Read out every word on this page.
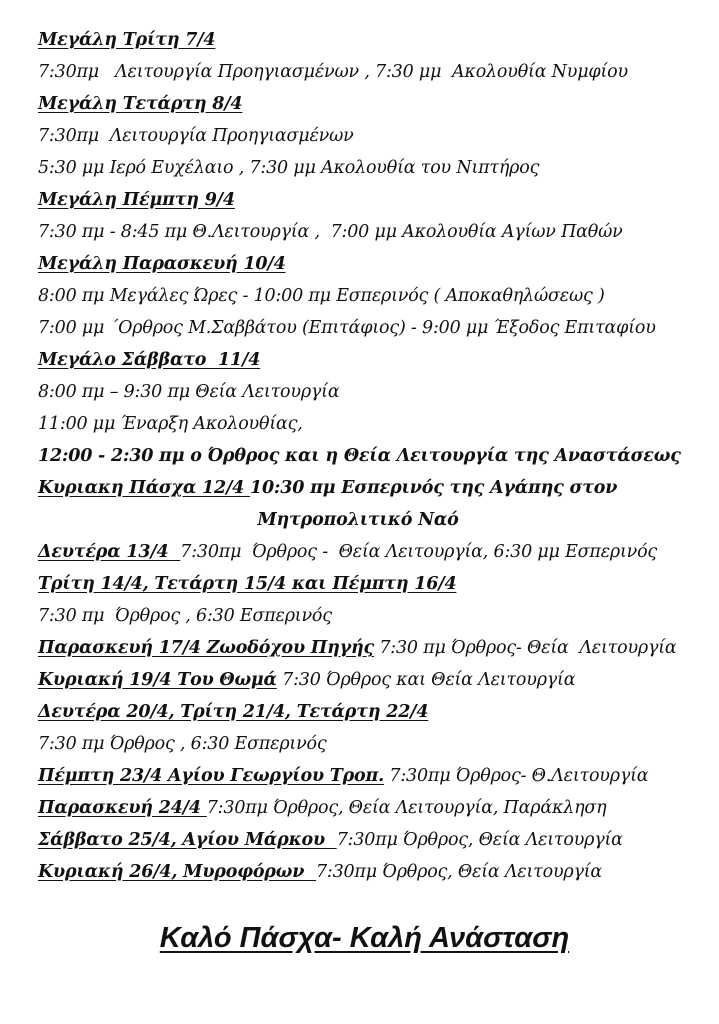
Μεγάλη Τρίτη 7/4
7:30πμ   Λειτουργία Προηγιασμένων , 7:30 μμ  Ακολουθία Νυμφίου
Μεγάλη Τετάρτη 8/4
7:30πμ  Λειτουργία Προηγιασμένων
5:30 μμ Ιερό Ευχέλαιο , 7:30 μμ Ακολουθία του Νιπτήρος
Μεγάλη Πέμπτη 9/4
7:30 πμ - 8:45 πμ Θ.Λειτουργία ,  7:00 μμ Ακολουθία Αγίων Παθών
Μεγάλη Παρασκευή 10/4
8:00 πμ Μεγάλες Ώρες - 10:00 πμ Εσπερινός ( Αποκαθηλώσεως )
7:00 μμ ΄Ορθρος Μ.Σαββάτου (Επιτάφιος) - 9:00 μμ Έξοδος Επιταφίου
Μεγάλο Σάββατο  11/4
8:00 πμ – 9:30 πμ Θεία Λειτουργία
11:00 μμ Έναρξη Ακολουθίας,
12:00 - 2:30 πμ ο Όρθρος και η Θεία Λειτουργία της Αναστάσεως
Κυριακη Πάσχα 12/4 10:30 πμ Εσπερινός της Αγάπης στον
Μητροπολιτικό Ναό
Δευτέρα 13/4  7:30πμ  Όρθρος -  Θεία Λειτουργία, 6:30 μμ Εσπερινός
Τρίτη 14/4, Τετάρτη 15/4 και Πέμπτη 16/4
7:30 πμ  Όρθρος , 6:30 Εσπερινός
Παρασκευή 17/4 Ζωοδόχου Πηγής 7:30 πμ Όρθρος- Θεία  Λειτουργία
Κυριακή 19/4 Του Θωμά 7:30 Όρθρος και Θεία Λειτουργία
Δευτέρα 20/4, Τρίτη 21/4, Τετάρτη 22/4
7:30 πμ Όρθρος , 6:30 Εσπερινός
Πέμπτη 23/4 Αγίου Γεωργίου Τροπ. 7:30πμ Όρθρος- Θ.Λειτουργία
Παρασκευή 24/4 7:30πμ Όρθρος, Θεία Λειτουργία, Παράκληση
Σάββατο 25/4, Αγίου Μάρκου  7:30πμ Όρθρος, Θεία Λειτουργία
Κυριακή 26/4, Μυροφόρων  7:30πμ Όρθρος, Θεία Λειτουργία
Καλό Πάσχα- Καλή Ανάσταση
